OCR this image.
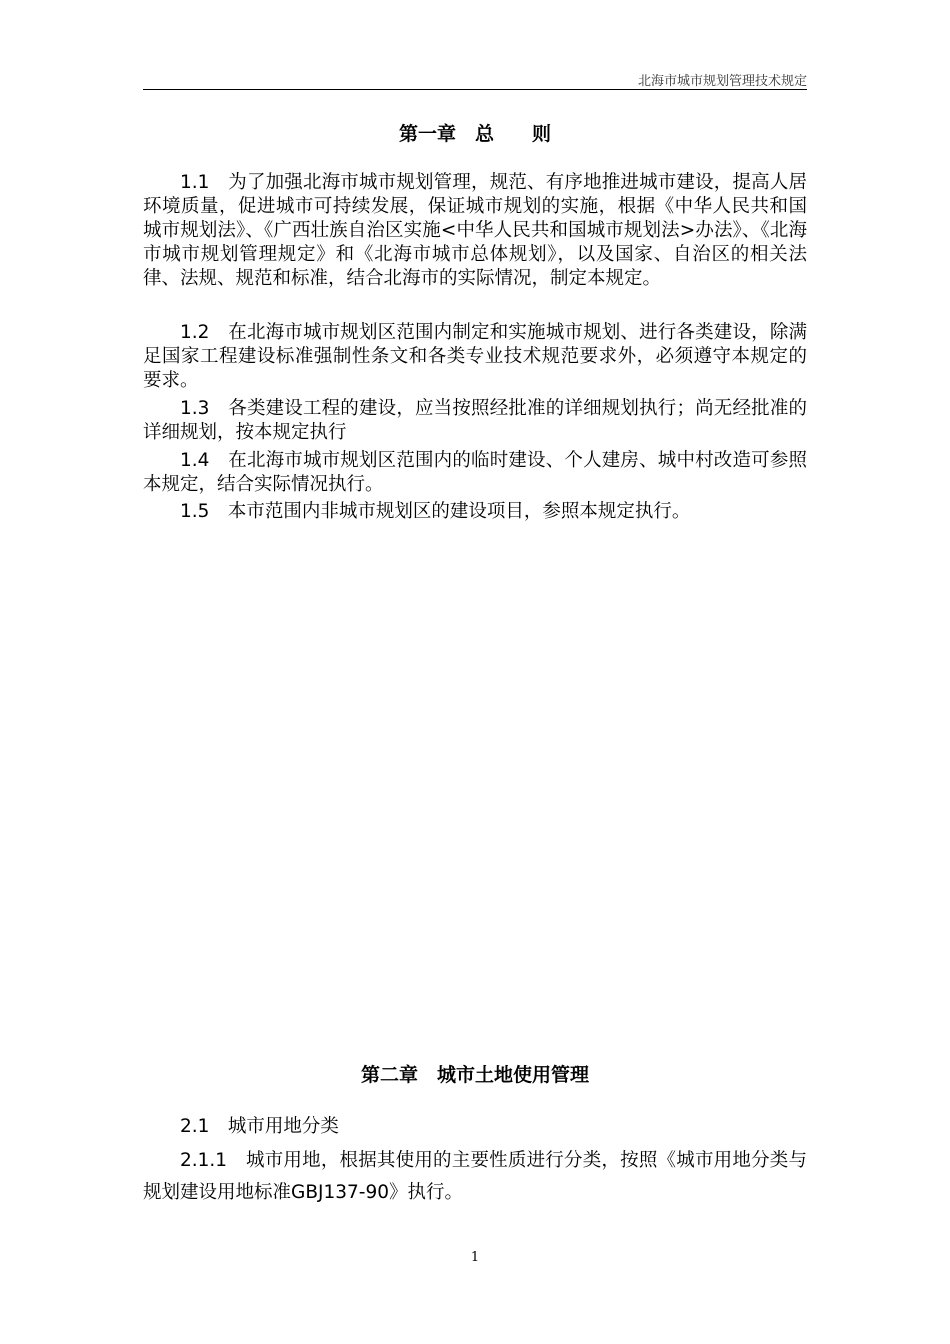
北海市城市规划管理技术规定
第一章　总　　则

1.1　为了加强北海市城市规划管理，规范、有序地推进城市建设，提高人居环境质量，促进城市可持续发展，保证城市规划的实施，根据《中华人民共和国城市规划法》、《广西壮族自治区实施<中华人民共和国城市规划法>办法》、《北海市城市规划管理规定》和《北海市城市总体规划》，以及国家、自治区的相关法律、法规、规范和标准，结合北海市的实际情况，制定本规定。

1.2　在北海市城市规划区范围内制定和实施城市规划、进行各类建设，除满足国家工程建设标准强制性条文和各类专业技术规范要求外，必须遵守本规定的要求。

1.3　各类建设工程的建设，应当按照经批准的详细规划执行；尚无经批准的详细规划，按本规定执行

1.4　在北海市城市规划区范围内的临时建设、个人建房、城中村改造可参照本规定，结合实际情况执行。

1.5　本市范围内非城市规划区的建设项目，参照本规定执行。

第二章　城市土地使用管理

2.1　城市用地分类

2.1.1　城市用地，根据其使用的主要性质进行分类，按照《城市用地分类与规划建设用地标准GBJ137-90》执行。

1
